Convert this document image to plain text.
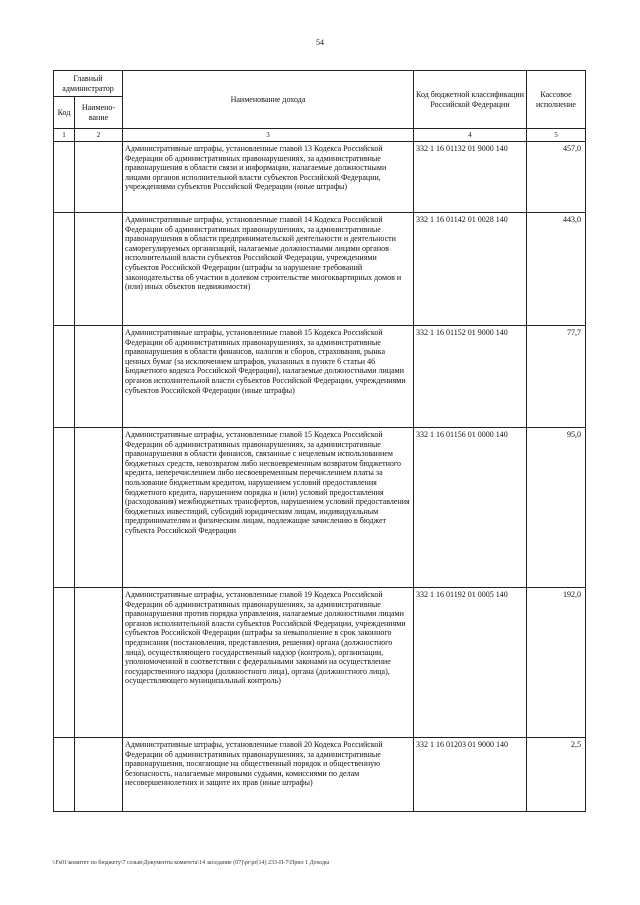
54
Главный администратор		Наименование дохода	Код бюджетной классификации Российской Федерации	Кассовое исполнение
Код	Наимено-вание			
1	2	3	4	5
		Административные штрафы, установленные главой 13 Кодекса Российской Федерации об административных правонарушениях, за административные правонарушения в области связи и информации, налагаемые должностными лицами органов исполнительной власти субъектов Российской Федерации, учреждениями субъектов Российской Федерации (иные штрафы)	332 1 16 01132 01 9000 140	457,0
		Административные штрафы, установленные главой 14 Кодекса Российской Федерации об административных правонарушениях, за административные правонарушения в области предпринимательской деятельности и деятельности саморегулируемых организаций, налагаемые должностными лицами органов исполнительной власти субъектов Российской Федерации, учреждениями субъектов Российской Федерации (штрафы за нарушение требований законодательства об участии в долевом строительстве многоквартирных домов и (или) иных объектов недвижимости)	332 1 16 01142 01 0028 140	443,0
		Административные штрафы, установленные главой 15 Кодекса Российской Федерации об административных правонарушениях, за административные правонарушения в области финансов, налогов и сборов, страхования, рынка ценных бумаг (за исключением штрафов, указанных в пункте 6 статьи 46 Бюджетного кодекса Российской Федерации), налагаемые должностными лицами органов исполнительной власти субъектов Российской Федерации, учреждениями субъектов Российской Федерации (иные штрафы)	332 1 16 01152 01 9000 140	77,7
		Административные штрафы, установленные главой 15 Кодекса Российской Федерации об административных правонарушениях, за административные правонарушения в области финансов, связанные с нецелевым использованием бюджетных средств, невозвратом либо несвоевременным возвратом бюджетного кредита, неперечислением либо несвоевременным перечислением платы за пользование бюджетным кредитом, нарушением условий предоставления бюджетного кредита, нарушением порядка и (или) условий предоставления (расходования) межбюджетных трансфертов, нарушением условий предоставления бюджетных инвестиций, субсидий юридическим лицам, индивидуальным предпринимателям и физическим лицам, подлежащие зачислению в бюджет субъекта Российской Федерации	332 1 16 01156 01 0000 140	95,0
		Административные штрафы, установленные главой 19 Кодекса Российской Федерации об административных правонарушениях, за административные правонарушения против порядка управления, налагаемые должностными лицами органов исполнительной власти субъектов Российской Федерации, учреждениями субъектов Российской Федерации (штрафы за невыполнение в срок законного предписания (постановления, представления, решения) органа (должностного лица), осуществляющего государственный надзор (контроль), организации, уполномоченной в соответствии с федеральными законами на осуществление государственного надзора (должностного лица), органа (должностного лица), осуществляющего муниципальный контроль)	332 1 16 01192 01 0005 140	192,0
		Административные штрафы, установленные главой 20 Кодекса Российской Федерации об административных правонарушениях, за административные правонарушения, посягающие на общественный порядок и общественную безопасность, налагаемые мировыми судьями, комиссиями по делам несовершеннолетних и защите их прав (иные штрафы)	332 1 16 01203 01 9000 140	2,5
\\Fs01\комитет по бюджету\7 созыв\Документы комитета\14 заседание (07)\pr\pr(14) 233-П-7\Прил 1 Доходы
